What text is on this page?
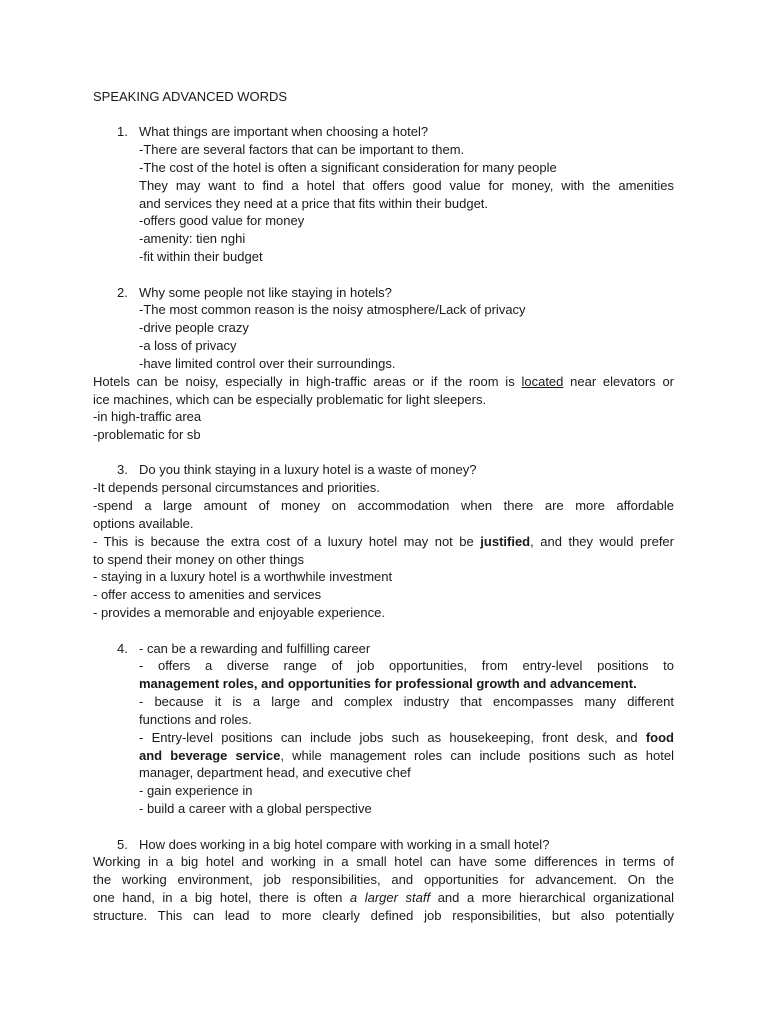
SPEAKING ADVANCED WORDS
1. What things are important when choosing a hotel?
-There are several factors that can be important to them.
-The cost of the hotel is often a significant consideration for many people
They may want to find a hotel that offers good value for money, with the amenities
and services they need at a price that fits within their budget.
-offers good value for money
-amenity: tien nghi
-fit within their budget
2. Why some people not like staying in hotels?
-The most common reason is the noisy atmosphere/Lack of privacy
-drive people crazy
-a loss of privacy
-have limited control over their surroundings.
Hotels can be noisy, especially in high-traffic areas or if the room is located near elevators or
ice machines, which can be especially problematic for light sleepers.
-in high-traffic area
-problematic for sb
3. Do you think staying in a luxury hotel is a waste of money?
-It depends personal circumstances and priorities.
-spend a large amount of money on accommodation when there are more affordable
options available.
- This is because the extra cost of a luxury hotel may not be justified, and they would prefer
to spend their money on other things
- staying in a luxury hotel is a worthwhile investment
- offer access to amenities and services
- provides a memorable and enjoyable experience.
4. - can be a rewarding and fulfilling career
- offers a diverse range of job opportunities, from entry-level positions to
management roles, and opportunities for professional growth and advancement.
- because it is a large and complex industry that encompasses many different
functions and roles.
- Entry-level positions can include jobs such as housekeeping, front desk, and food
and beverage service, while management roles can include positions such as hotel
manager, department head, and executive chef
- gain experience in
- build a career with a global perspective
5. How does working in a big hotel compare with working in a small hotel?
Working in a big hotel and working in a small hotel can have some differences in terms of
the working environment, job responsibilities, and opportunities for advancement. On the
one hand, in a big hotel, there is often a larger staff and a more hierarchical organizational
structure. This can lead to more clearly defined job responsibilities, but also potentially
